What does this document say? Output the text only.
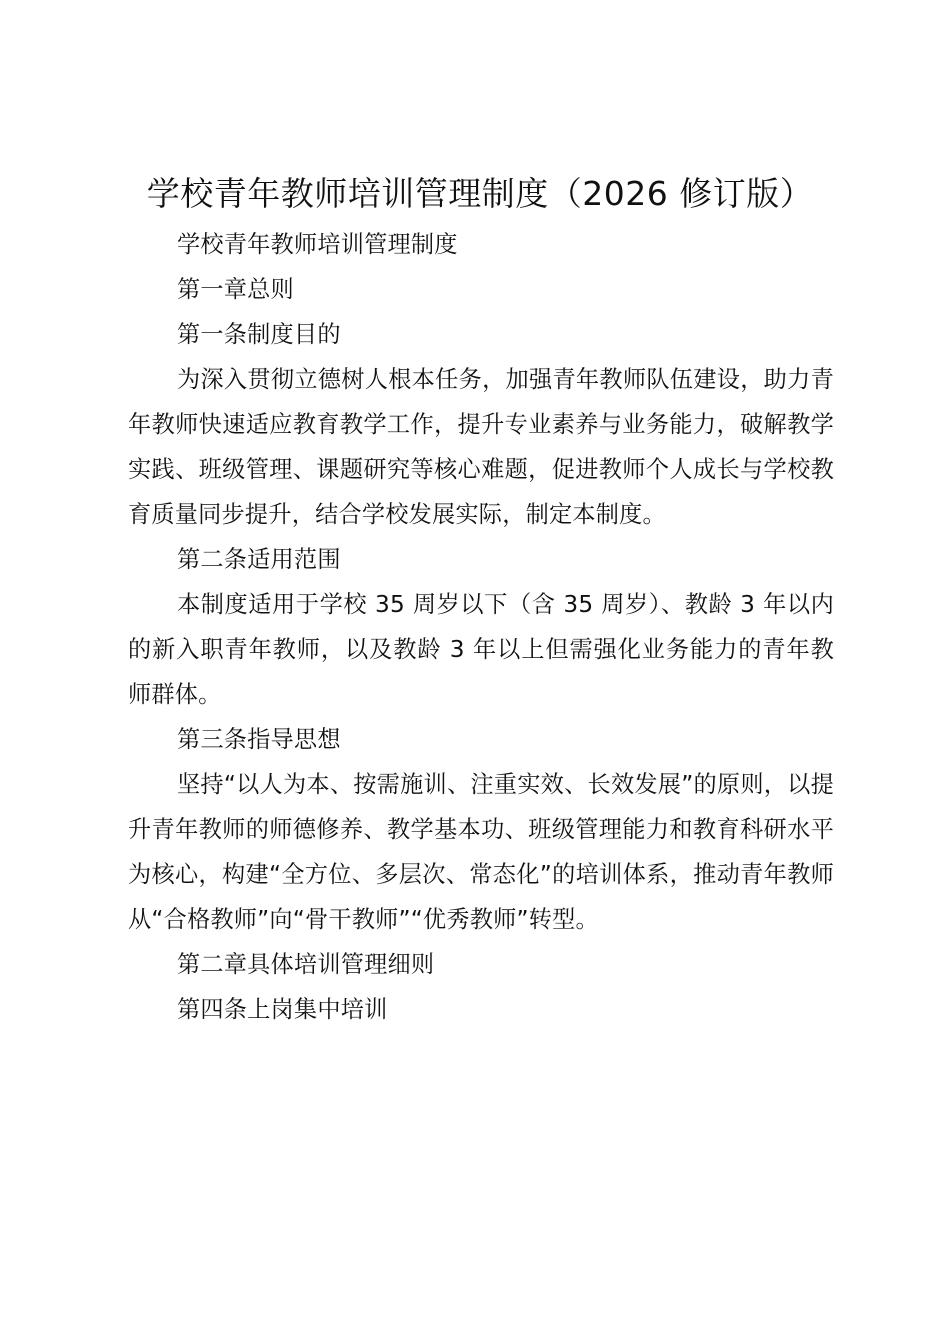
学校青年教师培训管理制度（2026 修订版）

学校青年教师培训管理制度

第一章总则

第一条制度目的

为深入贯彻立德树人根本任务，加强青年教师队伍建设，助力青年教师快速适应教育教学工作，提升专业素养与业务能力，破解教学实践、班级管理、课题研究等核心难题，促进教师个人成长与学校教育质量同步提升，结合学校发展实际，制定本制度。

第二条适用范围

本制度适用于学校 35 周岁以下（含 35 周岁）、教龄 3 年以内的新入职青年教师，以及教龄 3 年以上但需强化业务能力的青年教师群体。

第三条指导思想

坚持“以人为本、按需施训、注重实效、长效发展”的原则，以提升青年教师的师德修养、教学基本功、班级管理能力和教育科研水平为核心，构建“全方位、多层次、常态化”的培训体系，推动青年教师从“合格教师”向“骨干教师”“优秀教师”转型。

第二章具体培训管理细则

第四条上岗集中培训
